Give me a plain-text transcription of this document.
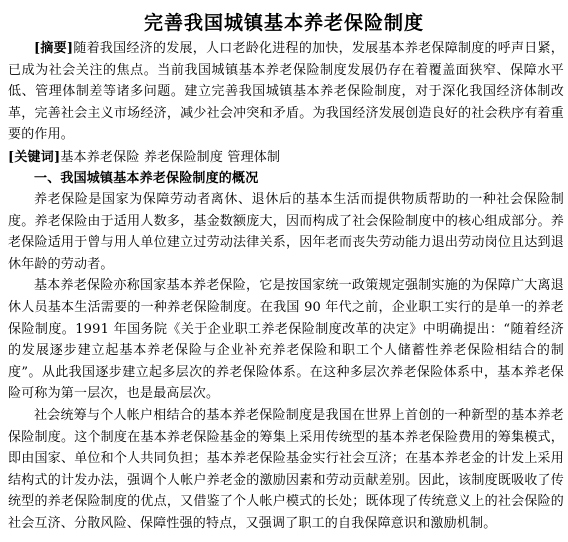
完善我国城镇基本养老保险制度

[摘要]随着我国经济的发展，人口老龄化进程的加快，发展基本养老保障制度的呼声日紧，已成为社会关注的焦点。当前我国城镇基本养老保险制度发展仍存在着覆盖面狭窄、保障水平低、管理体制差等诸多问题。建立完善我国城镇基本养老保险制度，对于深化我国经济体制改革，完善社会主义市场经济，减少社会冲突和矛盾。为我国经济发展创造良好的社会秩序有着重要的作用。

[关键词]基本养老保险 养老保险制度 管理体制

一、我国城镇基本养老保险制度的概况

养老保险是国家为保障劳动者离休、退休后的基本生活而提供物质帮助的一种社会保险制度。养老保险由于适用人数多，基金数额庞大，因而构成了社会保险制度中的核心组成部分。养老保险适用于曾与用人单位建立过劳动法律关系，因年老而丧失劳动能力退出劳动岗位且达到退休年龄的劳动者。

基本养老保险亦称国家基本养老保险，它是按国家统一政策规定强制实施的为保障广大离退休人员基本生活需要的一种养老保险制度。在我国 90 年代之前，企业职工实行的是单一的养老保险制度。1991 年国务院《关于企业职工养老保险制度改革的决定》中明确提出：“随着经济的发展逐步建立起基本养老保险与企业补充养老保险和职工个人储蓄性养老保险相结合的制度”。从此我国逐步建立起多层次的养老保险体系。在这种多层次养老保险体系中，基本养老保险可称为第一层次，也是最高层次。

社会统筹与个人帐户相结合的基本养老保险制度是我国在世界上首创的一种新型的基本养老保险制度。这个制度在基本养老保险基金的筹集上采用传统型的基本养老保险费用的筹集模式，即由国家、单位和个人共同负担；基本养老保险基金实行社会互济；在基本养老金的计发上采用结构式的计发办法，强调个人帐户养老金的激励因素和劳动贡献差别。因此，该制度既吸收了传统型的养老保险制度的优点，又借鉴了个人帐户模式的长处；既体现了传统意义上的社会保险的社会互济、分散风险、保障性强的特点，又强调了职工的自我保障意识和激励机制。
